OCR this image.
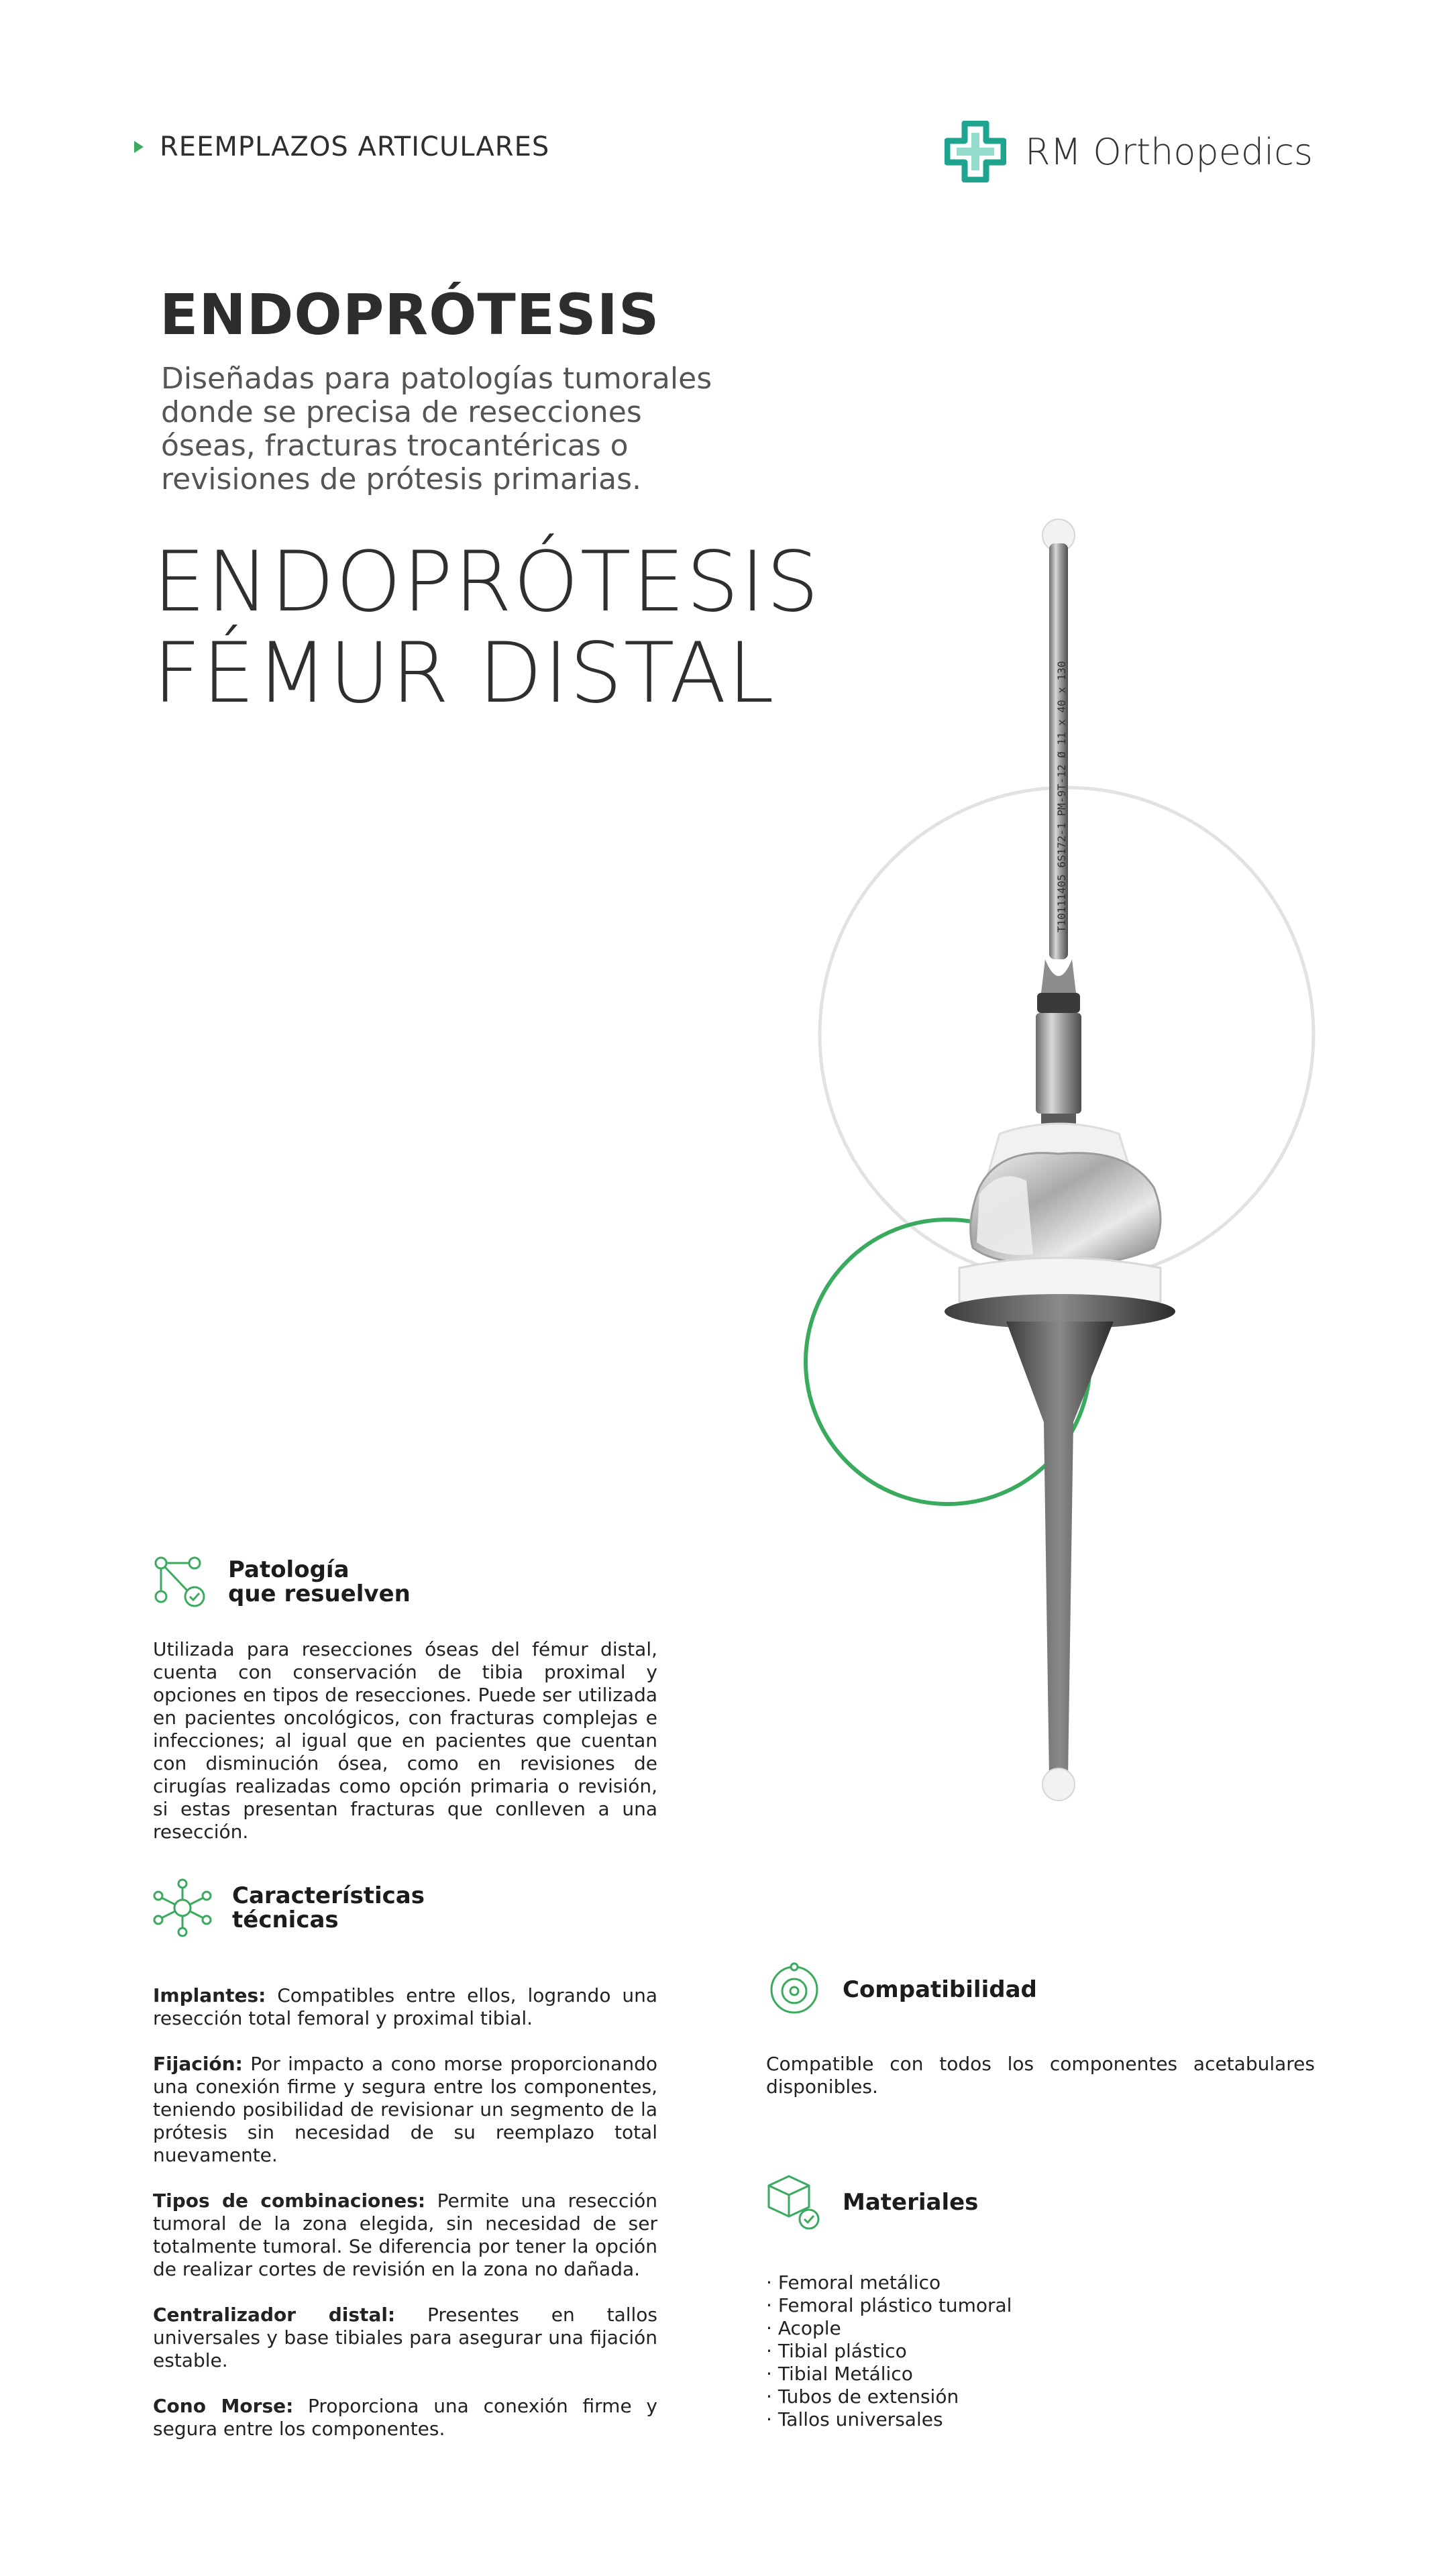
REEMPLAZOS ARTICULARES	RM Orthopedics
ENDOPRÓTESIS
Diseñadas para patologías tumorales donde se precisa de resecciones óseas, fracturas trocantéricas o revisiones de prótesis primarias.
ENDOPRÓTESIS
FÉMUR DISTAL	T10111405 6S172-1 PM-9T-12 Ø 11 x 40 x 130
Patología
que resuelven
Utilizada para resecciones óseas del fémur distal, cuenta con conservación de tibia proximal y opciones en tipos de resecciones. Puede ser utilizada en pacientes oncológicos, con fracturas complejas e infecciones; al igual que en pacientes que cuentan con disminución ósea, como en revisiones de cirugías realizadas como opción primaria o revisión, si estas presentan fracturas que conlleven a una resección.
Características
técnicas
Implantes: Compatibles entre ellos, logrando una resección total femoral y proximal tibial.
Fijación: Por impacto a cono morse proporcionando una conexión firme y segura entre los componentes, teniendo posibilidad de revisionar un segmento de la prótesis sin necesidad de su reemplazo total nuevamente.
Tipos de combinaciones: Permite una resección tumoral de la zona elegida, sin necesidad de ser totalmente tumoral. Se diferencia por tener la opción de realizar cortes de revisión en la zona no dañada.
Centralizador distal: Presentes en tallos universales y base tibiales para asegurar una fijación estable.
Cono Morse: Proporciona una conexión firme y segura entre los componentes.
Compatibilidad
Compatible con todos los componentes acetabulares disponibles.
Materiales
· Femoral metálico
· Femoral plástico tumoral
· Acople
· Tibial plástico
· Tibial Metálico
· Tubos de extensión
· Tallos universales
